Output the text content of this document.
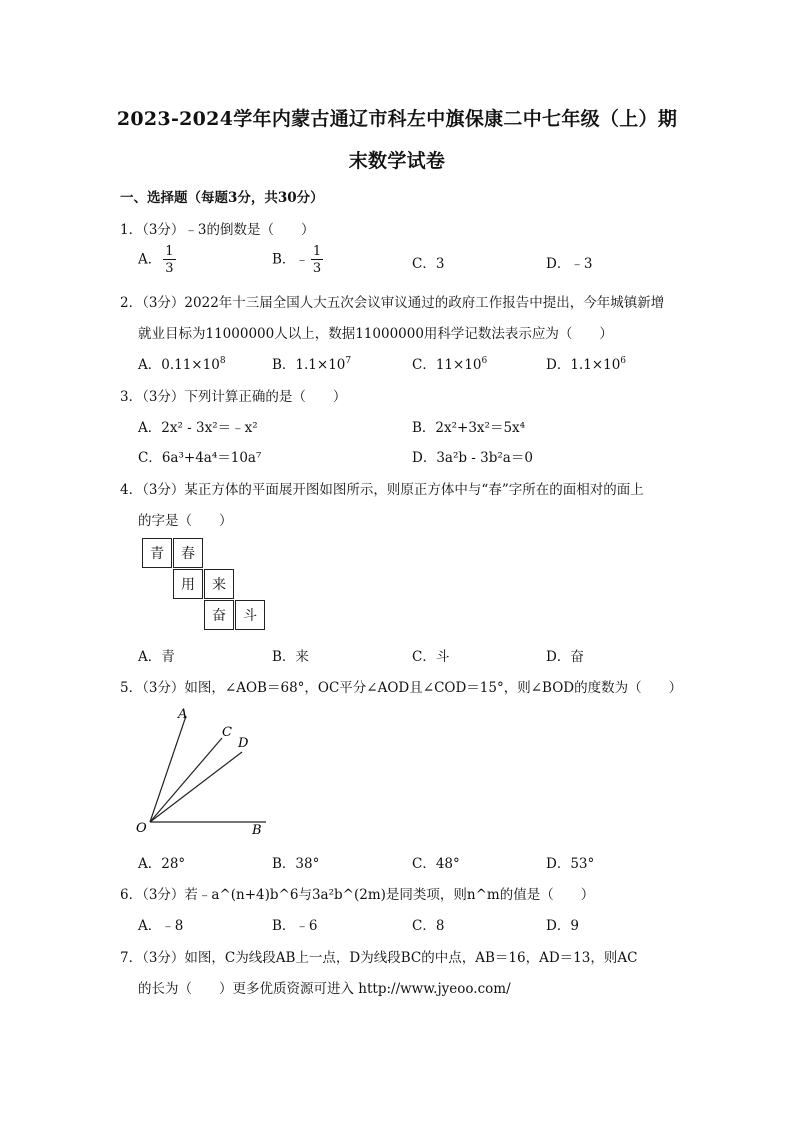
2023-2024学年内蒙古通辽市科左中旗保康二中七年级（上）期
末数学试卷
一、选择题（每题3分，共30分）
1．（3分）﹣3的倒数是（　　）
A． $\frac{1}{3}$	B．﹣ $\frac{1}{3}$	C．3	D．﹣3
2．（3分）2022年十三届全国人大五次会议审议通过的政府工作报告中提出，今年城镇新增
就业目标为11000000人以上，数据11000000用科学记数法表示应为（　　）
A．$0.11\times 10^8$	B．$1.1\times 10^7$	C．$11\times 10^6$	D．$1.1\times 10^6$
3．（3分）下列计算正确的是（　　）
A．2x² - 3x²＝﹣x²	B．2x²+3x²＝5x⁴
C．6a³+4a⁴＝10a⁷	D．3a²b - 3b²a＝0
4．（3分）某正方体的平面展开图如图所示，则原正方体中与“春”字所在的面相对的面上
的字是（　　）
青	春
用	来
奋	斗
A．青	B．来	C．斗	D．奋
5．（3分）如图，∠AOB＝68°，OC平分∠AOD且∠COD＝15°，则∠BOD的度数为（　　）
A
C
D
O	B
A．28°	B．38°	C．48°	D．53°
6．（3分）若﹣a^(n+4)b^6与3a²b^(2m)是同类项，则n^m的值是（　　）
A．﹣8	B．﹣6	C．8	D．9
7．（3分）如图，C为线段AB上一点，D为线段BC的中点，AB＝16，AD＝13，则AC
的长为（　　）更多优质资源可进入 http://www.jyeoo.com/
